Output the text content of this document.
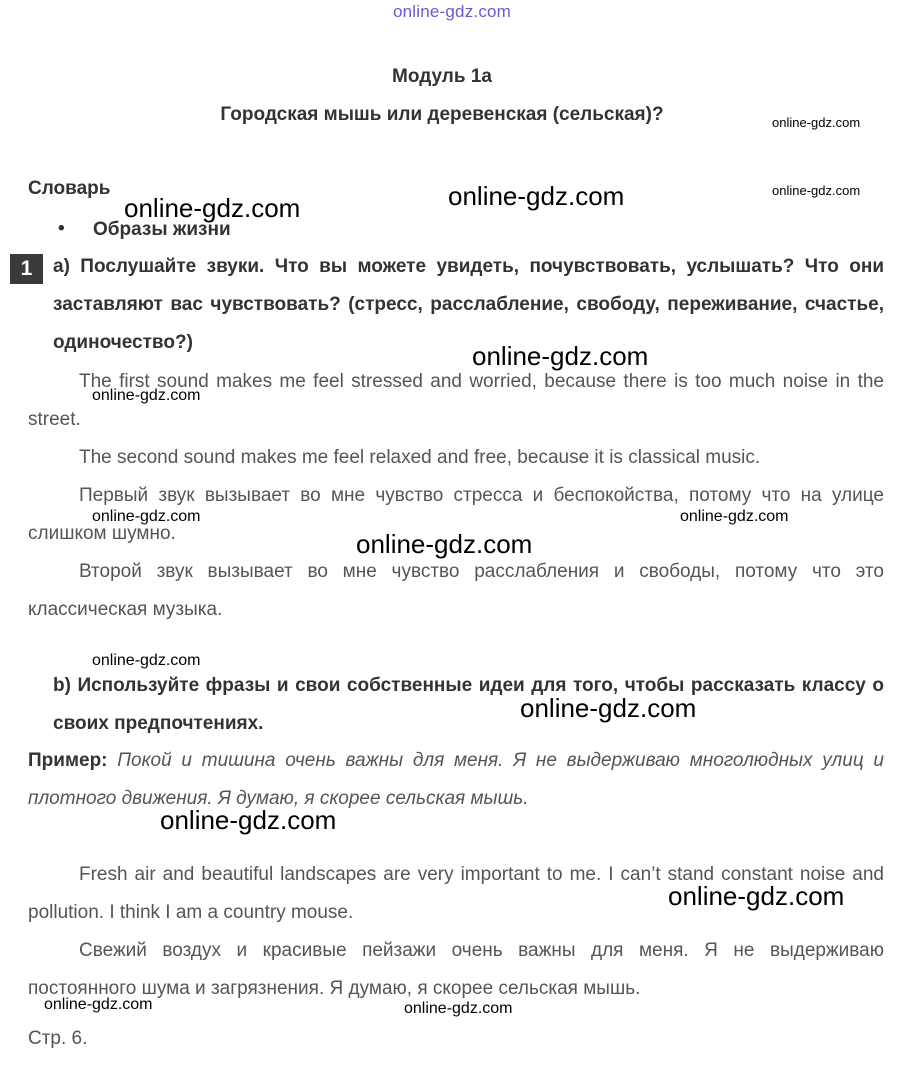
online-gdz.com
Модуль 1a
Городская мышь или деревенская (сельская)?
Словарь
• Образы жизни
1	a) Послушайте звуки. Что вы можете увидеть, почувствовать, услышать? Что они заставляют вас чувствовать? (стресс, расслабление, свободу, переживание, счастье, одиночество?)

The first sound makes me feel stressed and worried, because there is too much noise in the street.

The second sound makes me feel relaxed and free, because it is classical music.

Первый звук вызывает во мне чувство стресса и беспокойства, потому что на улице слишком шумно.

Второй звук вызывает во мне чувство расслабления и свободы, потому что это классическая музыка.

b) Используйте фразы и свои собственные идеи для того, чтобы рассказать классу о своих предпочтениях.

Пример: Покой и тишина очень важны для меня. Я не выдерживаю многолюдных улиц и плотного движения. Я думаю, я скорее сельская мышь.

Fresh air and beautiful landscapes are very important to me. I can’t stand constant noise and pollution. I think I am a country mouse.

Свежий воздух и красивые пейзажи очень важны для меня. Я не выдерживаю постоянного шума и загрязнения. Я думаю, я скорее сельская мышь.

Стр. 6.
online-gdz.com
online-gdz.com
online-gdz.com	online-gdz.com
online-gdz.com
online-gdz.com
online-gdz.com	online-gdz.com
online-gdz.com
online-gdz.com
online-gdz.com
online-gdz.com
online-gdz.com
online-gdz.com	online-gdz.com
